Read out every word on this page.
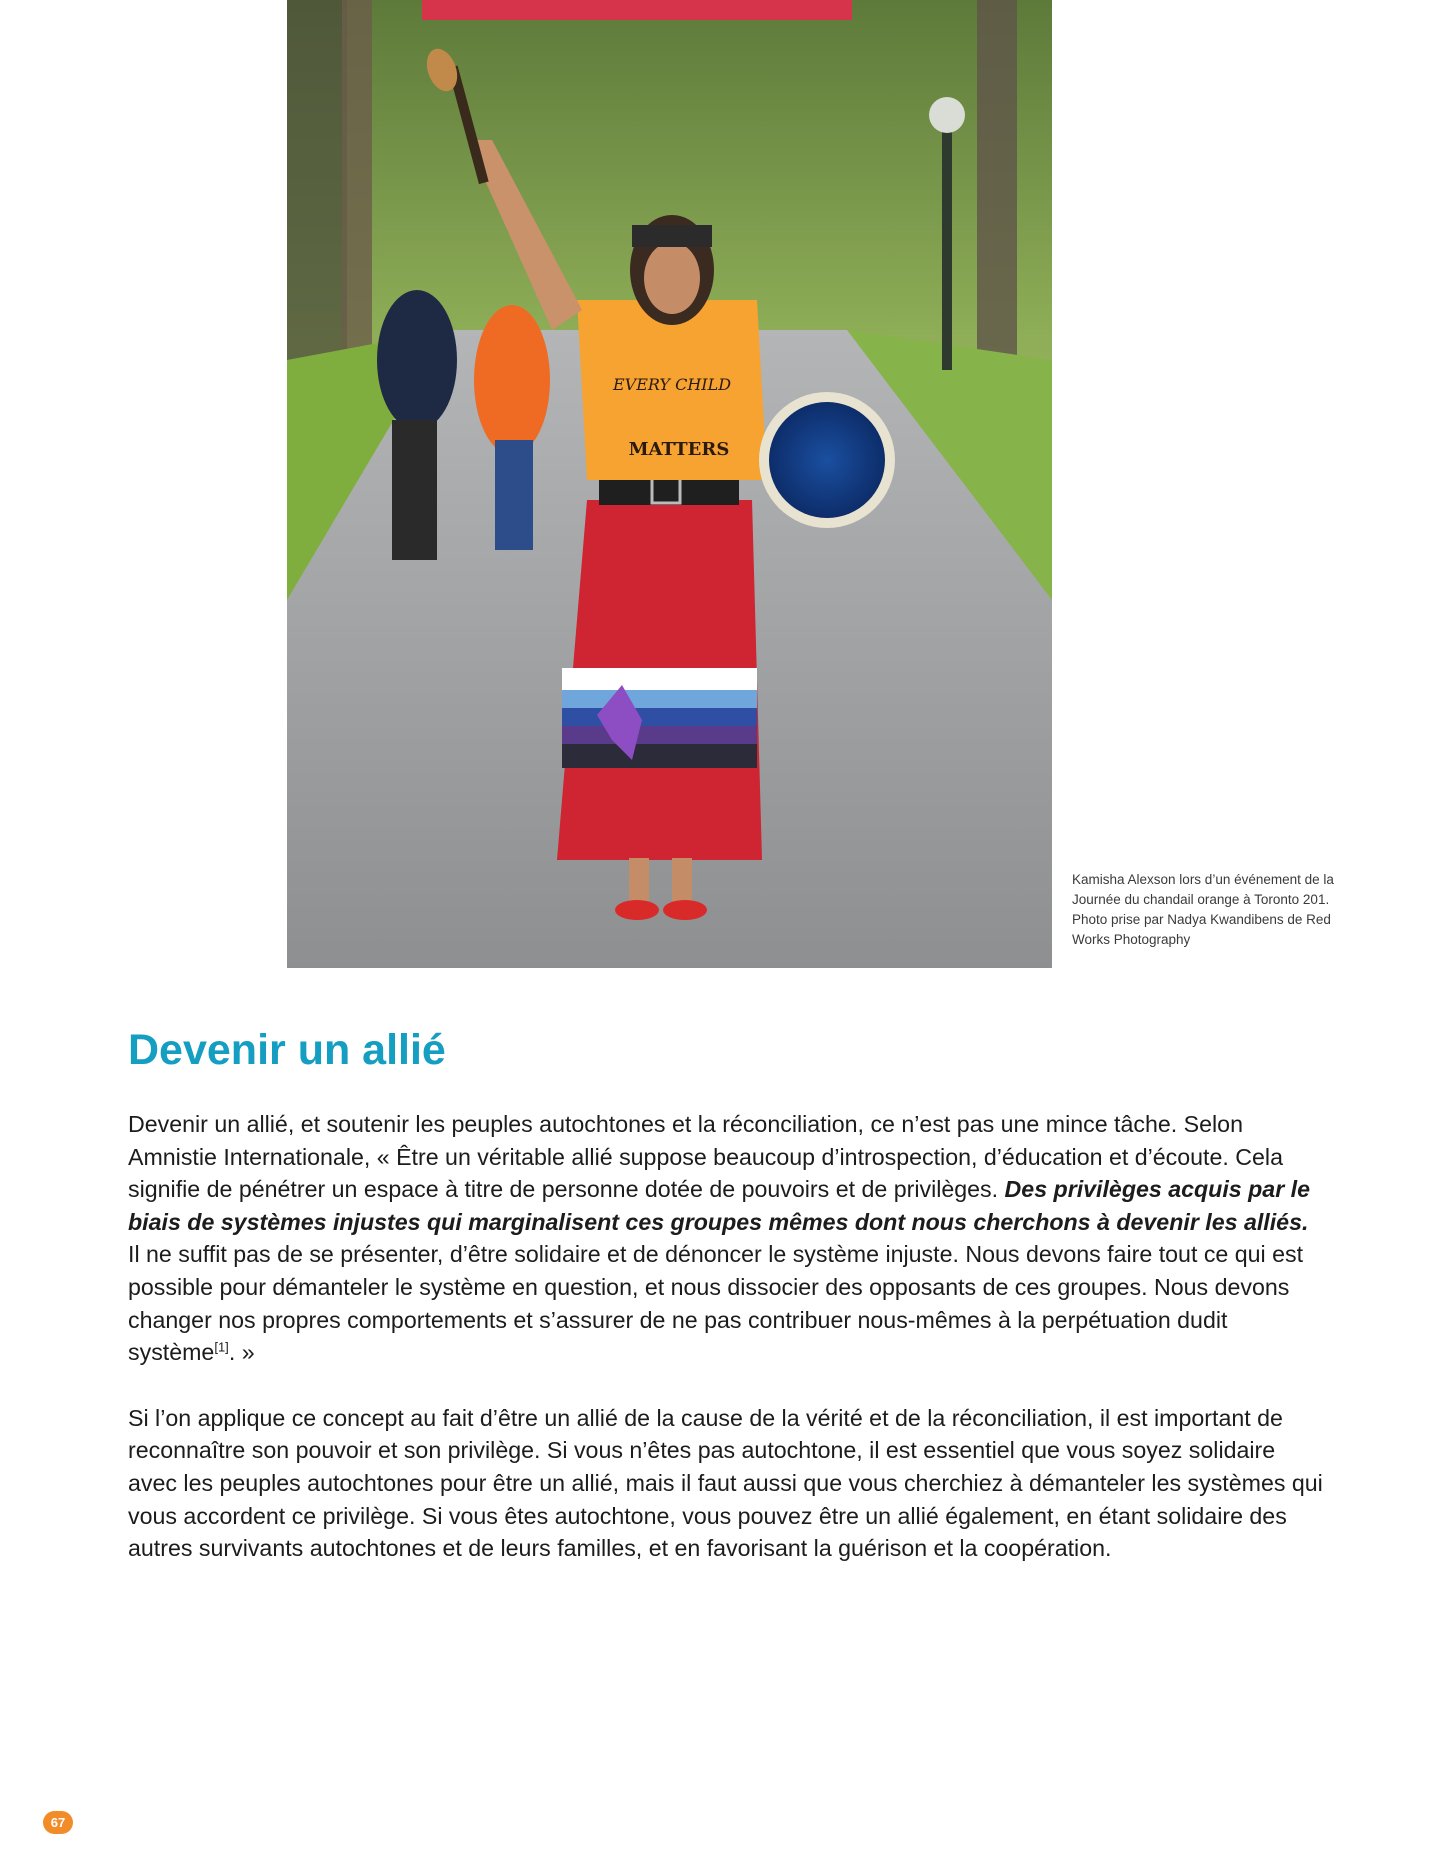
EVERY CHILD
MATTERS
Kamisha Alexson lors d’un événement de la Journée du chandail orange à Toronto 201. Photo prise par Nadya Kwandibens de Red Works Photography
Devenir un allié

Devenir un allié, et soutenir les peuples autochtones et la réconciliation, ce n’est pas une mince tâche. Selon Amnistie Internationale, « Être un véritable allié suppose beaucoup d’introspection, d’éducation et d’écoute. Cela signifie de pénétrer un espace à titre de personne dotée de pouvoirs et de privilèges. Des privilèges acquis par le biais de systèmes injustes qui marginalisent ces groupes mêmes dont nous cherchons à devenir les alliés. Il ne suffit pas de se présenter, d’être solidaire et de dénoncer le système injuste. Nous devons faire tout ce qui est possible pour démanteler le système en question, et nous dissocier des opposants de ces groupes. Nous devons changer nos propres comportements et s’assurer de ne pas contribuer nous-mêmes à la perpétuation dudit système[1]. »

Si l’on applique ce concept au fait d’être un allié de la cause de la vérité et de la réconciliation, il est important de reconnaître son pouvoir et son privilège. Si vous n’êtes pas autochtone, il est essentiel que vous soyez solidaire avec les peuples autochtones pour être un allié, mais il faut aussi que vous cherchiez à démanteler les systèmes qui vous accordent ce privilège. Si vous êtes autochtone, vous pouvez être un allié également, en étant solidaire des autres survivants autochtones et de leurs familles, et en favorisant la guérison et la coopération.

67
